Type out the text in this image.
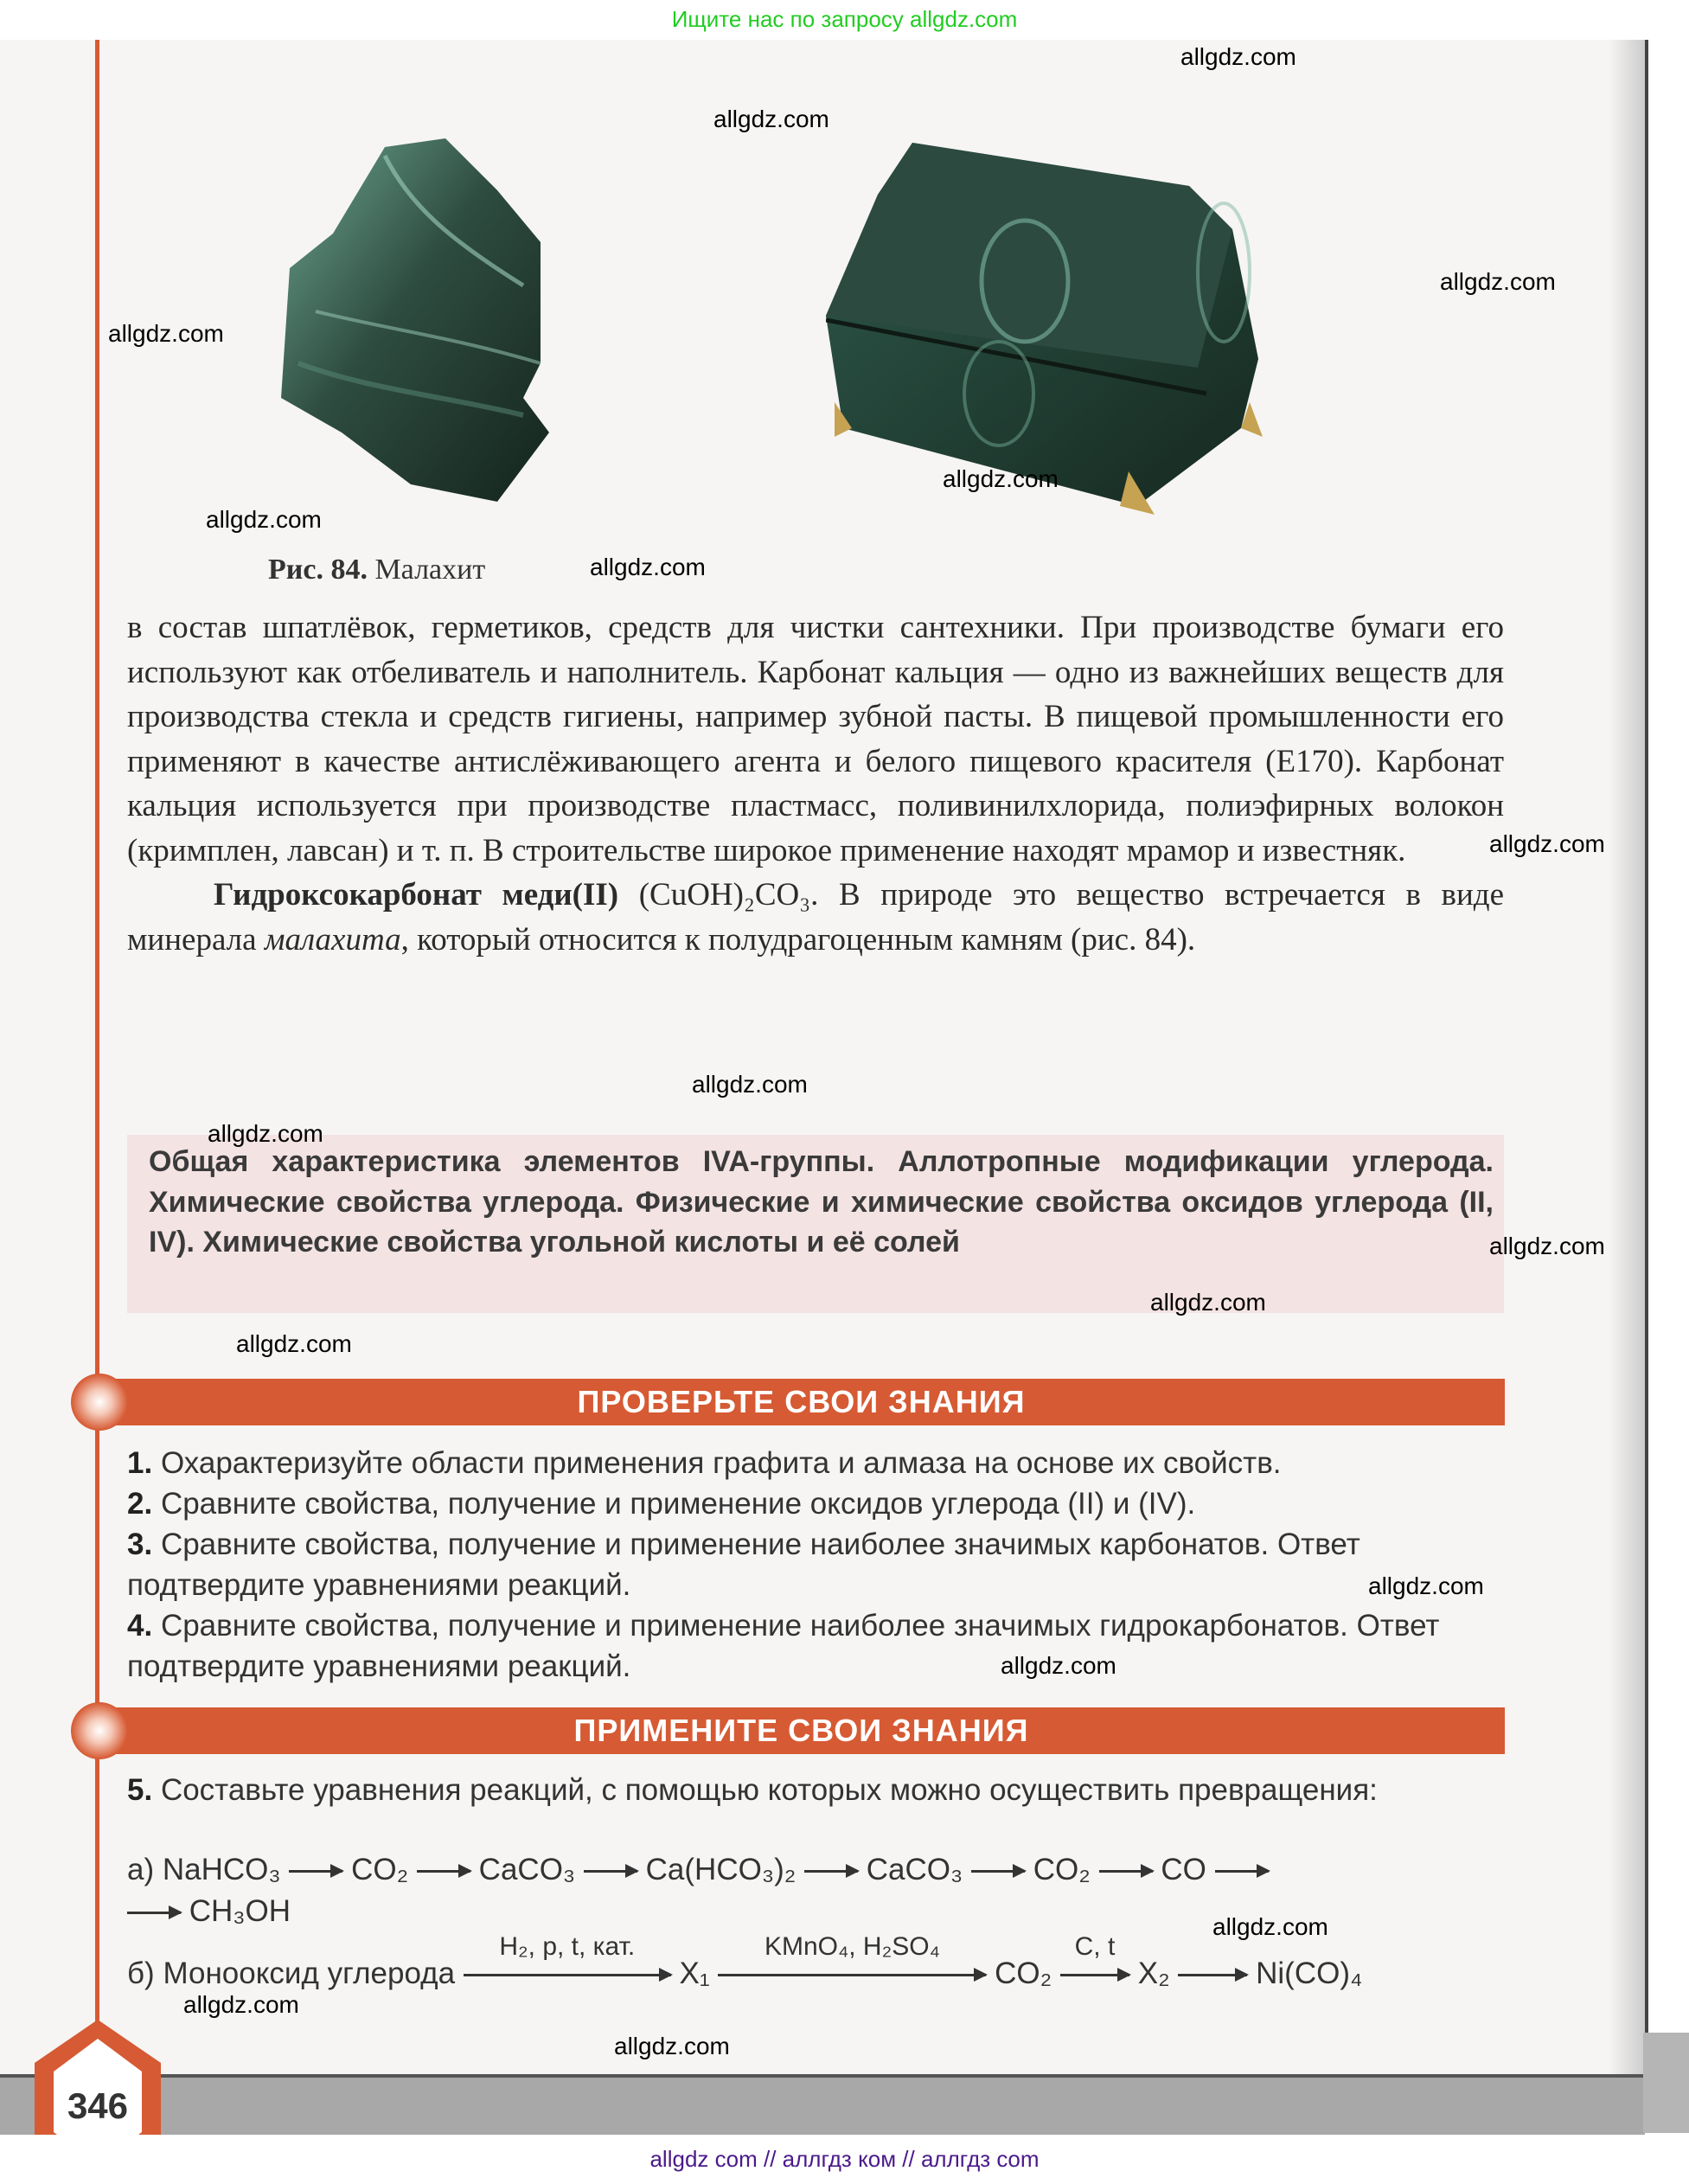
Ищите нас по запросу allgdz.com
Рис. 84. Малахит

в состав шпатлёвок, герметиков, средств для чистки сантехники. При производстве бумаги его используют как отбеливатель и наполнитель. Карбонат кальция — одно из важнейших веществ для производства стекла и средств гигиены, например зубной пасты. В пищевой промышленности его применяют в качестве антислёживающего агента и белого пищевого красителя (E170). Карбонат кальция используется при производстве пластмасс, поливинилхлорида, полиэфирных волокон (кримплен, лавсан) и т. п. В строительстве широкое применение находят мрамор и известняк.

Гидроксокарбонат меди(II) (CuOH)₂CO₃. В природе это вещество встречается в виде минерала малахита, который относится к полудрагоценным камням (рис. 84).

Общая характеристика элементов IVA-группы. Аллотропные модификации углерода. Химические свойства углерода. Физические и химические свойства оксидов углерода (II, IV). Химические свойства угольной кислоты и её солей
ПРОВЕРЬТЕ СВОИ ЗНАНИЯ

1. Охарактеризуйте области применения графита и алмаза на основе их свойств.

2. Сравните свойства, получение и применение оксидов углерода (II) и (IV).

3. Сравните свойства, получение и применение наиболее значимых карбонатов. Ответ подтвердите уравнениями реакций.

4. Сравните свойства, получение и применение наиболее значимых гидрокарбонатов. Ответ подтвердите уравнениями реакций.

ПРИМЕНИТЕ СВОИ ЗНАНИЯ

5. Составьте уравнения реакций, с помощью которых можно осуществить превращения:

а) NaHCO₃ CO₂ CaCO₃ Ca(HCO₃)₂ CaCO₃ CO₂ CO
CH₃OH
б) Монооксид углерода
H₂, p, t, кат.
X₁
KMnO₄, H₂SO₄
CO₂
C, t
X₂	Ni(CO)₄
346
allgdz.com
allgdz.com
allgdz.com
allgdz.com
allgdz.com
allgdz.com
allgdz.com
allgdz.com
allgdz.com
allgdz.com
allgdz.com
allgdz.com
allgdz.com
allgdz.com
allgdz.com
allgdz.com
allgdz.com
allgdz.com
allgdz com // аллгдз ком // аллгдз com
